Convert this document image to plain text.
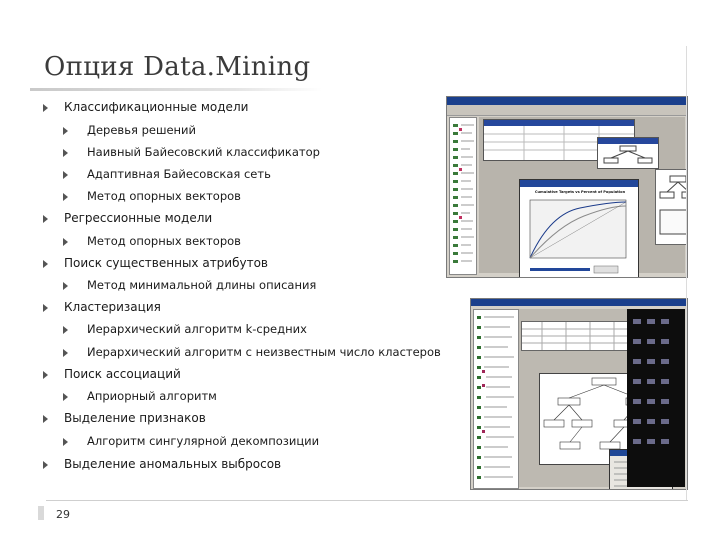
Опция Data.Mining
Классификационные модели
Деревья решений
Наивный Байесовский классификатор
Адаптивная Байесовская сеть
Метод опорных векторов
Регрессионные модели
Метод опорных векторов
Поиск существенных атрибутов
Метод минимальной длины описания
Кластеризация
Иерархический алгоритм k-средних
Иерархический алгоритм с неизвестным число кластеров
Поиск ассоциаций
Априорный алгоритм
Выделение признаков
Алгоритм сингулярной декомпозиции
Выделение аномальных выбросов
Cumulative Targets vs Percent of Population
29
